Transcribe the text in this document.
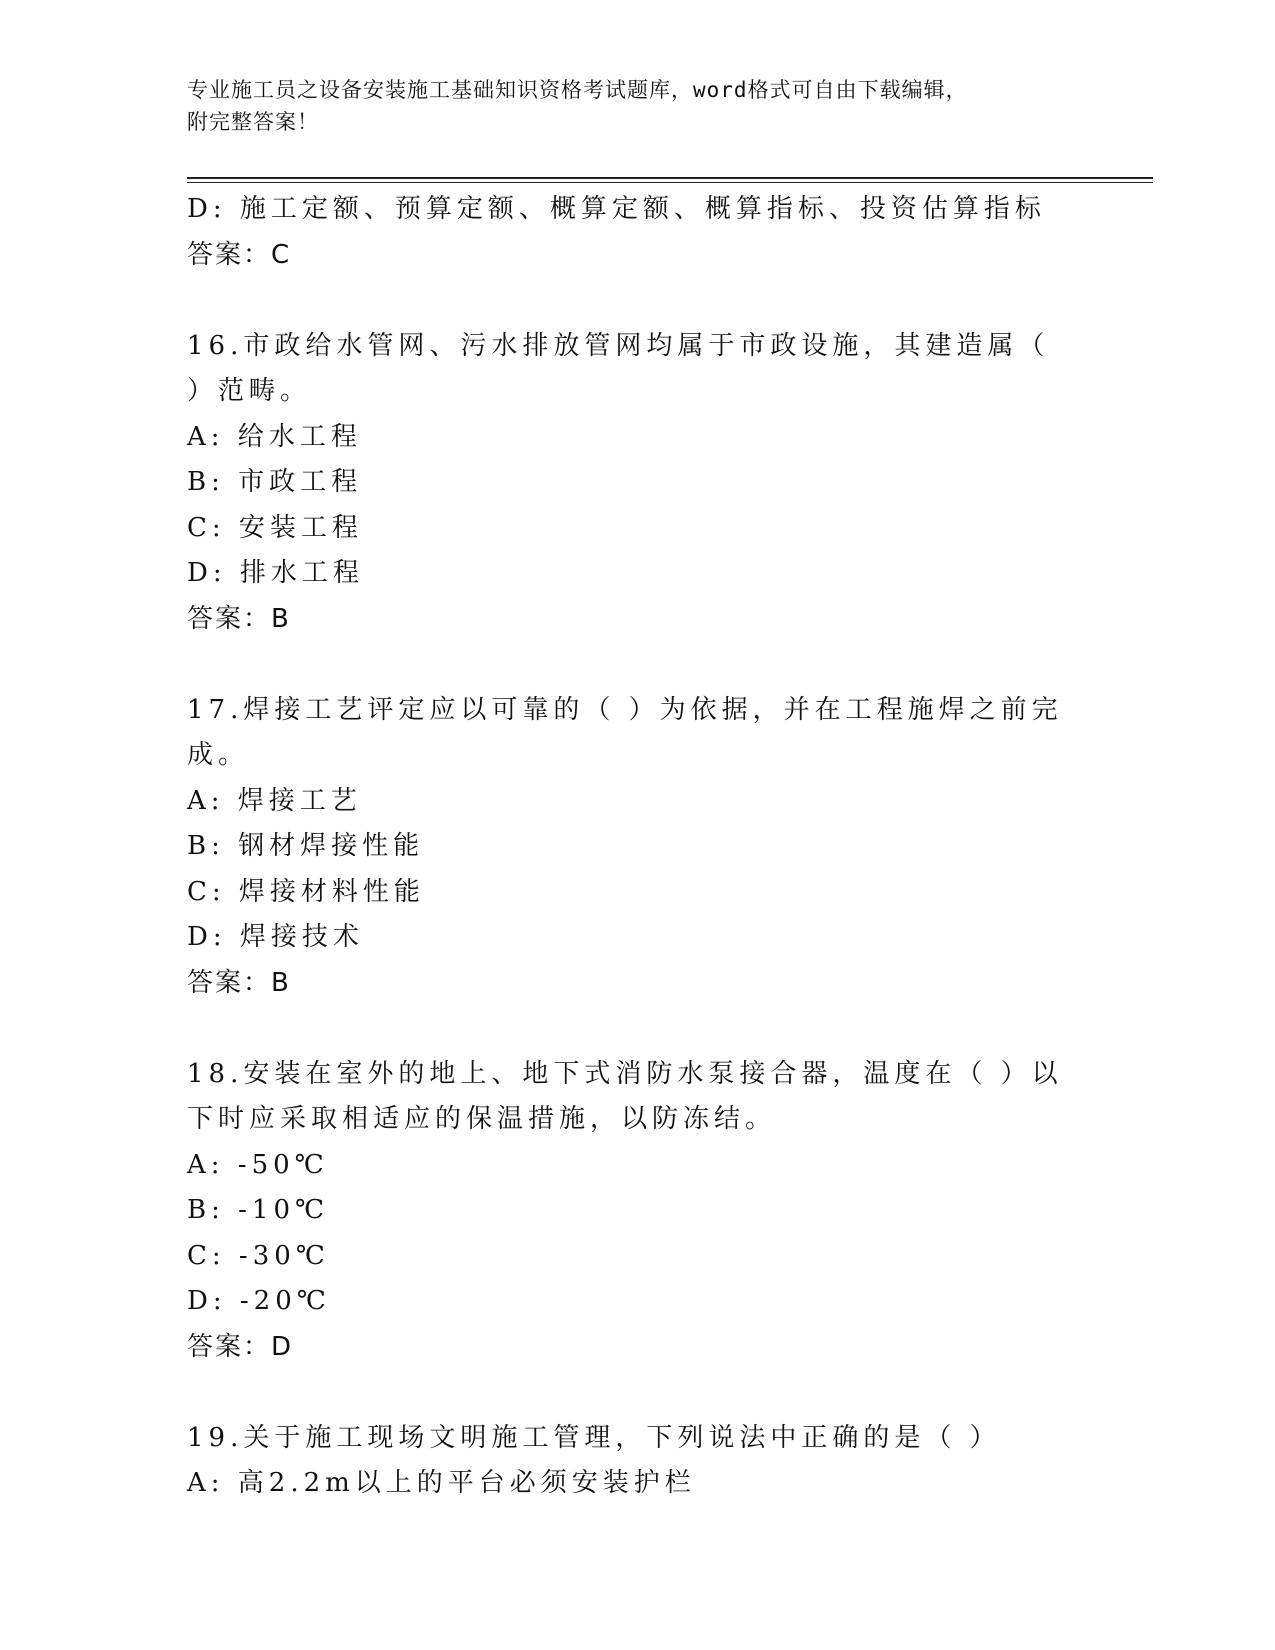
专业施工员之设备安装施工基础知识资格考试题库，word格式可自由下载编辑，
附完整答案！
D: 施工定额、预算定额、概算定额、概算指标、投资估算指标
答案：C
16.市政给水管网、污水排放管网均属于市政设施，其建造属（ ）范畴。
A: 给水工程
B: 市政工程
C: 安装工程
D: 排水工程
答案：B
17.焊接工艺评定应以可靠的（ ）为依据，并在工程施焊之前完成。
A: 焊接工艺
B: 钢材焊接性能
C: 焊接材料性能
D: 焊接技术
答案：B
18.安装在室外的地上、地下式消防水泵接合器，温度在（ ）以下时应采取相适应的保温措施，以防冻结。
A: -50℃
B: -10℃
C: -30℃
D: -20℃
答案：D
19.关于施工现场文明施工管理，下列说法中正确的是（ ）
A: 高2.2m以上的平台必须安装护栏
